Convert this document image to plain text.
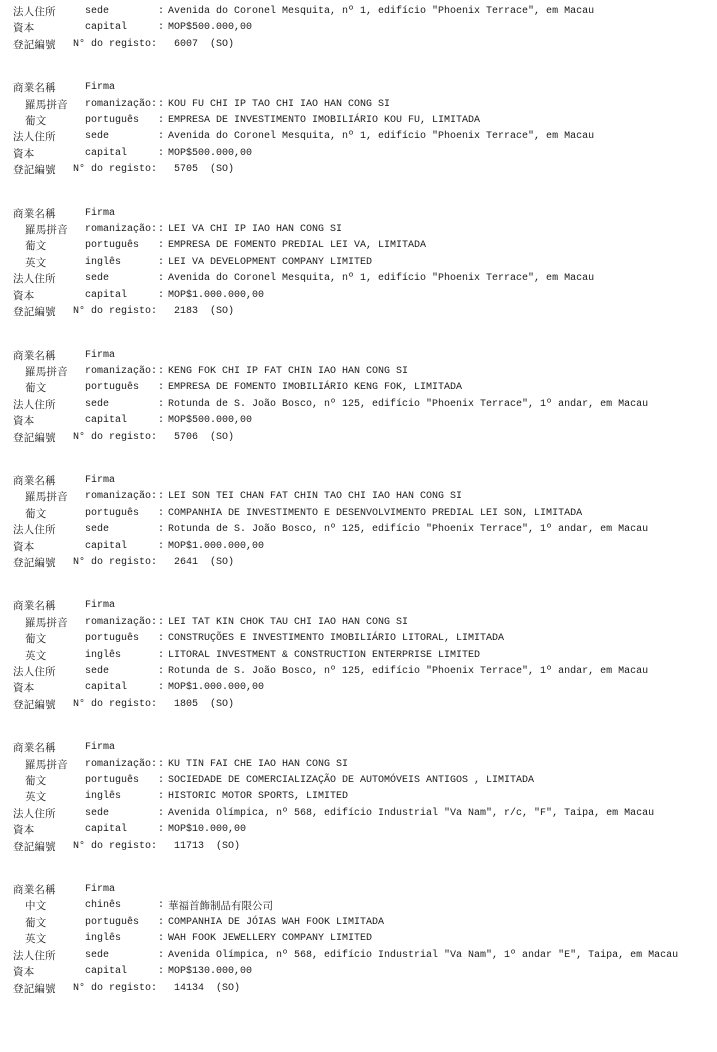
法人住所	sede	: Avenida do Coronel Mesquita, nº 1, edifício "Phoenix Terrace", em Macau
資本	capital	: MOP$500.000,00
登記編號	N° do registo:	6007  (SO)
商業名稱	Firma
羅馬拼音	romanização: : KOU FU CHI IP TAO CHI IAO HAN CONG SI
葡文	português	: EMPRESA DE INVESTIMENTO IMOBILIÁRIO KOU FU, LIMITADA
法人住所	sede	: Avenida do Coronel Mesquita, nº 1, edifício "Phoenix Terrace", em Macau
資本	capital	: MOP$500.000,00
登記編號	N° do registo:	5705  (SO)
商業名稱	Firma
羅馬拼音	romanização: : LEI VA CHI IP IAO HAN CONG SI
葡文	português	: EMPRESA DE FOMENTO PREDIAL LEI VA, LIMITADA
英文	inglês	: LEI VA DEVELOPMENT COMPANY LIMITED
法人住所	sede	: Avenida do Coronel Mesquita, nº 1, edifício "Phoenix Terrace", em Macau
資本	capital	: MOP$1.000.000,00
登記編號	N° do registo:	2183  (SO)
商業名稱	Firma
羅馬拼音	romanização: : KENG FOK CHI IP FAT CHIN IAO HAN CONG SI
葡文	português	: EMPRESA DE FOMENTO IMOBILIÁRIO KENG FOK, LIMITADA
法人住所	sede	: Rotunda de S. João Bosco, nº 125, edifício "Phoenix Terrace", 1º andar, em Macau
資本	capital	: MOP$500.000,00
登記編號	N° do registo:	5706  (SO)
商業名稱	Firma
羅馬拼音	romanização: : LEI SON TEI CHAN FAT CHIN TAO CHI IAO HAN CONG SI
葡文	português	: COMPANHIA DE INVESTIMENTO E DESENVOLVIMENTO PREDIAL LEI SON, LIMITADA
法人住所	sede	: Rotunda de S. João Bosco, nº 125, edifício "Phoenix Terrace", 1º andar, em Macau
資本	capital	: MOP$1.000.000,00
登記編號	N° do registo:	2641  (SO)
商業名稱	Firma
羅馬拼音	romanização: : LEI TAT KIN CHOK TAU CHI IAO HAN CONG SI
葡文	português	: CONSTRUÇÕES E INVESTIMENTO IMOBILIÁRIO LITORAL, LIMITADA
英文	inglês	: LITORAL INVESTMENT & CONSTRUCTION ENTERPRISE LIMITED
法人住所	sede	: Rotunda de S. João Bosco, nº 125, edifício "Phoenix Terrace", 1º andar, em Macau
資本	capital	: MOP$1.000.000,00
登記編號	N° do registo:	1805  (SO)
商業名稱	Firma
羅馬拼音	romanização: : KU TIN FAI CHE IAO HAN CONG SI
葡文	português	: SOCIEDADE DE COMERCIALIZAÇÃO DE AUTOMÓVEIS ANTIGOS , LIMITADA
英文	inglês	: HISTORIC MOTOR SPORTS, LIMITED
法人住所	sede	: Avenida Olímpica, nº 568, edifício Industrial "Va Nam", r/c, "F", Taipa, em Macau
資本	capital	: MOP$10.000,00
登記編號	N° do registo:	11713  (SO)
商業名稱	Firma
中文	chinês	: 華福首飾制品有限公司
葡文	português	: COMPANHIA DE JÓIAS WAH FOOK LIMITADA
英文	inglês	: WAH FOOK JEWELLERY COMPANY LIMITED
法人住所	sede	: Avenida Olímpica, nº 568, edifício Industrial "Va Nam", 1º andar "E", Taipa, em Macau
資本	capital	: MOP$130.000,00
登記編號	N° do registo:	14134  (SO)
